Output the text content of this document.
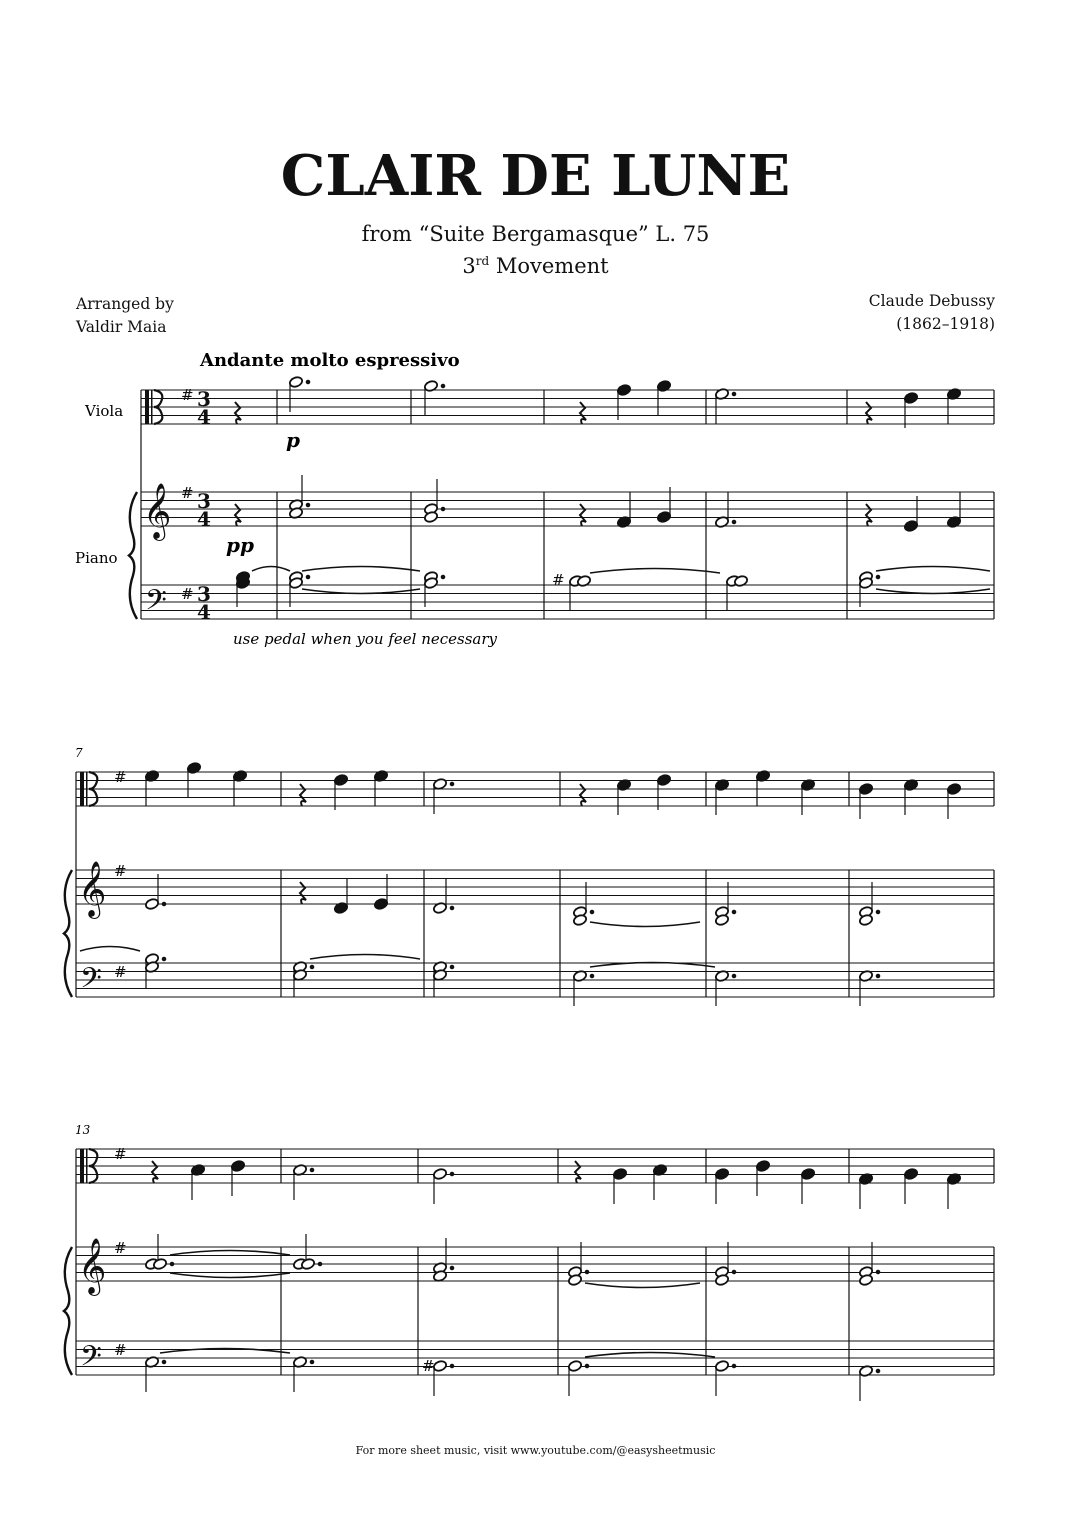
CLAIR DE LUNE
from “Suite Bergamasque” L. 75
3rd Movement
Arranged by
Valdir Maia
Claude Debussy
(1862–1918)
𝄞
𝄢
#
#
#
3
4
3
4
3
4
#
𝄞
𝄢
#
#
#
𝄞
𝄢
#
#
#
#
Andante molto espressivo
Viola
Piano
p
pp
use pedal when you feel necessary
7
13
For more sheet music, visit www.youtube.com/@easysheetmusic
